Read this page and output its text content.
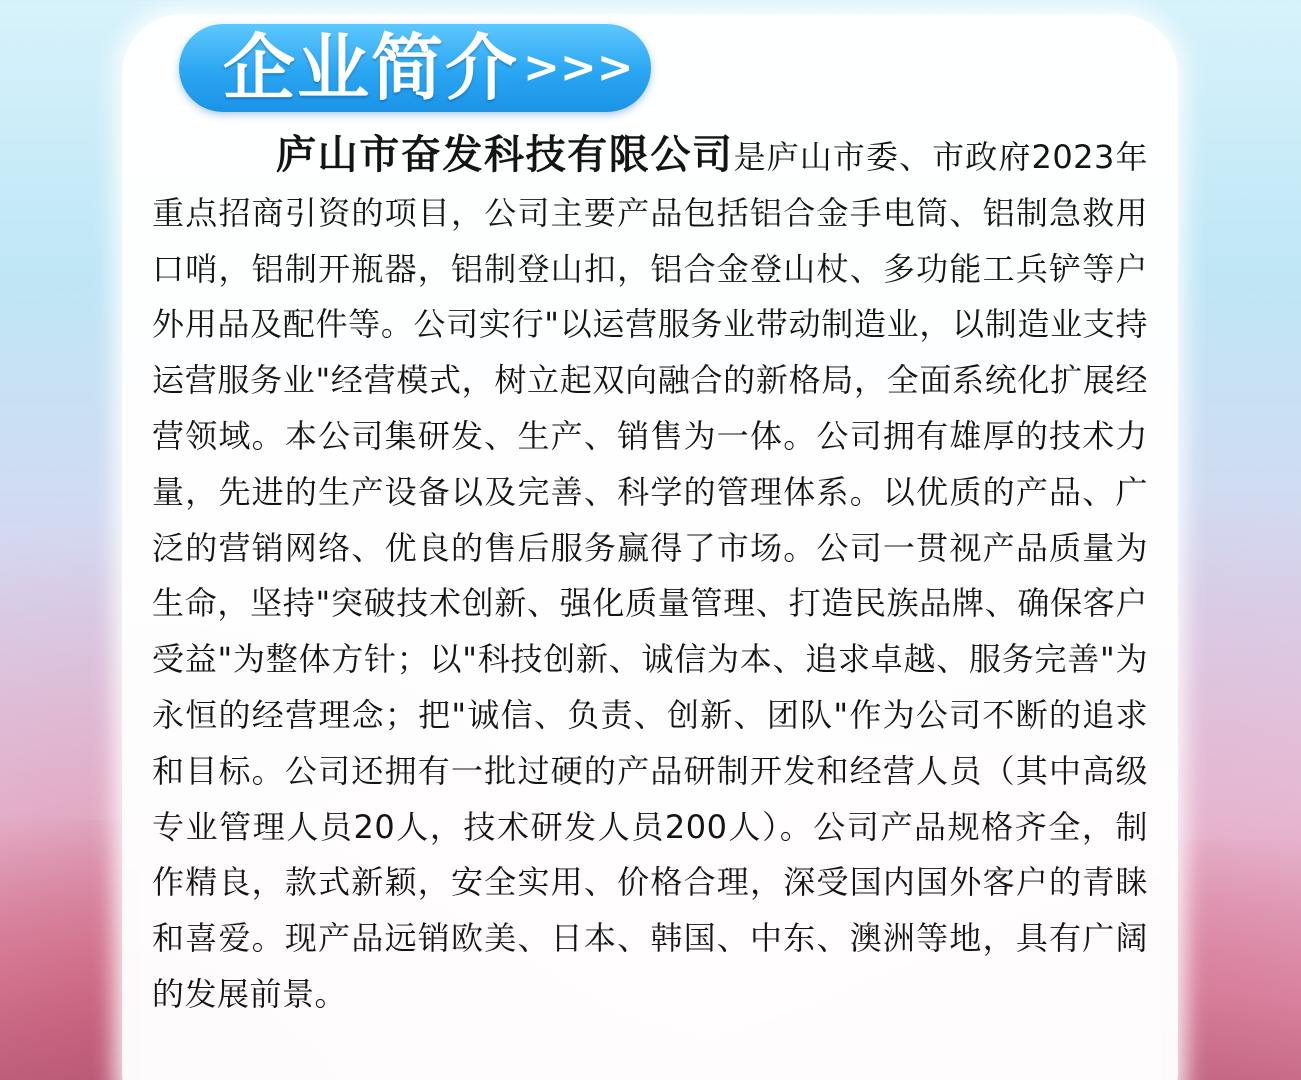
企业简介 >>>

庐山市奋发科技有限公司是庐山市委、市政府2023年重点招商引资的项目，公司主要产品包括铝合金手电筒、铝制急救用口哨，铝制开瓶器，铝制登山扣，铝合金登山杖、多功能工兵铲等户外用品及配件等。公司实行"以运营服务业带动制造业，以制造业支持运营服务业"经营模式，树立起双向融合的新格局，全面系统化扩展经营领域。本公司集研发、生产、销售为一体。公司拥有雄厚的技术力量，先进的生产设备以及完善、科学的管理体系。以优质的产品、广泛的营销网络、优良的售后服务赢得了市场。公司一贯视产品质量为生命，坚持"突破技术创新、强化质量管理、打造民族品牌、确保客户受益"为整体方针；以"科技创新、诚信为本、追求卓越、服务完善"为永恒的经营理念；把"诚信、负责、创新、团队"作为公司不断的追求和目标。公司还拥有一批过硬的产品研制开发和经营人员（其中高级专业管理人员20人，技术研发人员200人）。公司产品规格齐全，制作精良，款式新颖，安全实用、价格合理，深受国内国外客户的青睐和喜爱。现产品远销欧美、日本、韩国、中东、澳洲等地，具有广阔的发展前景。
